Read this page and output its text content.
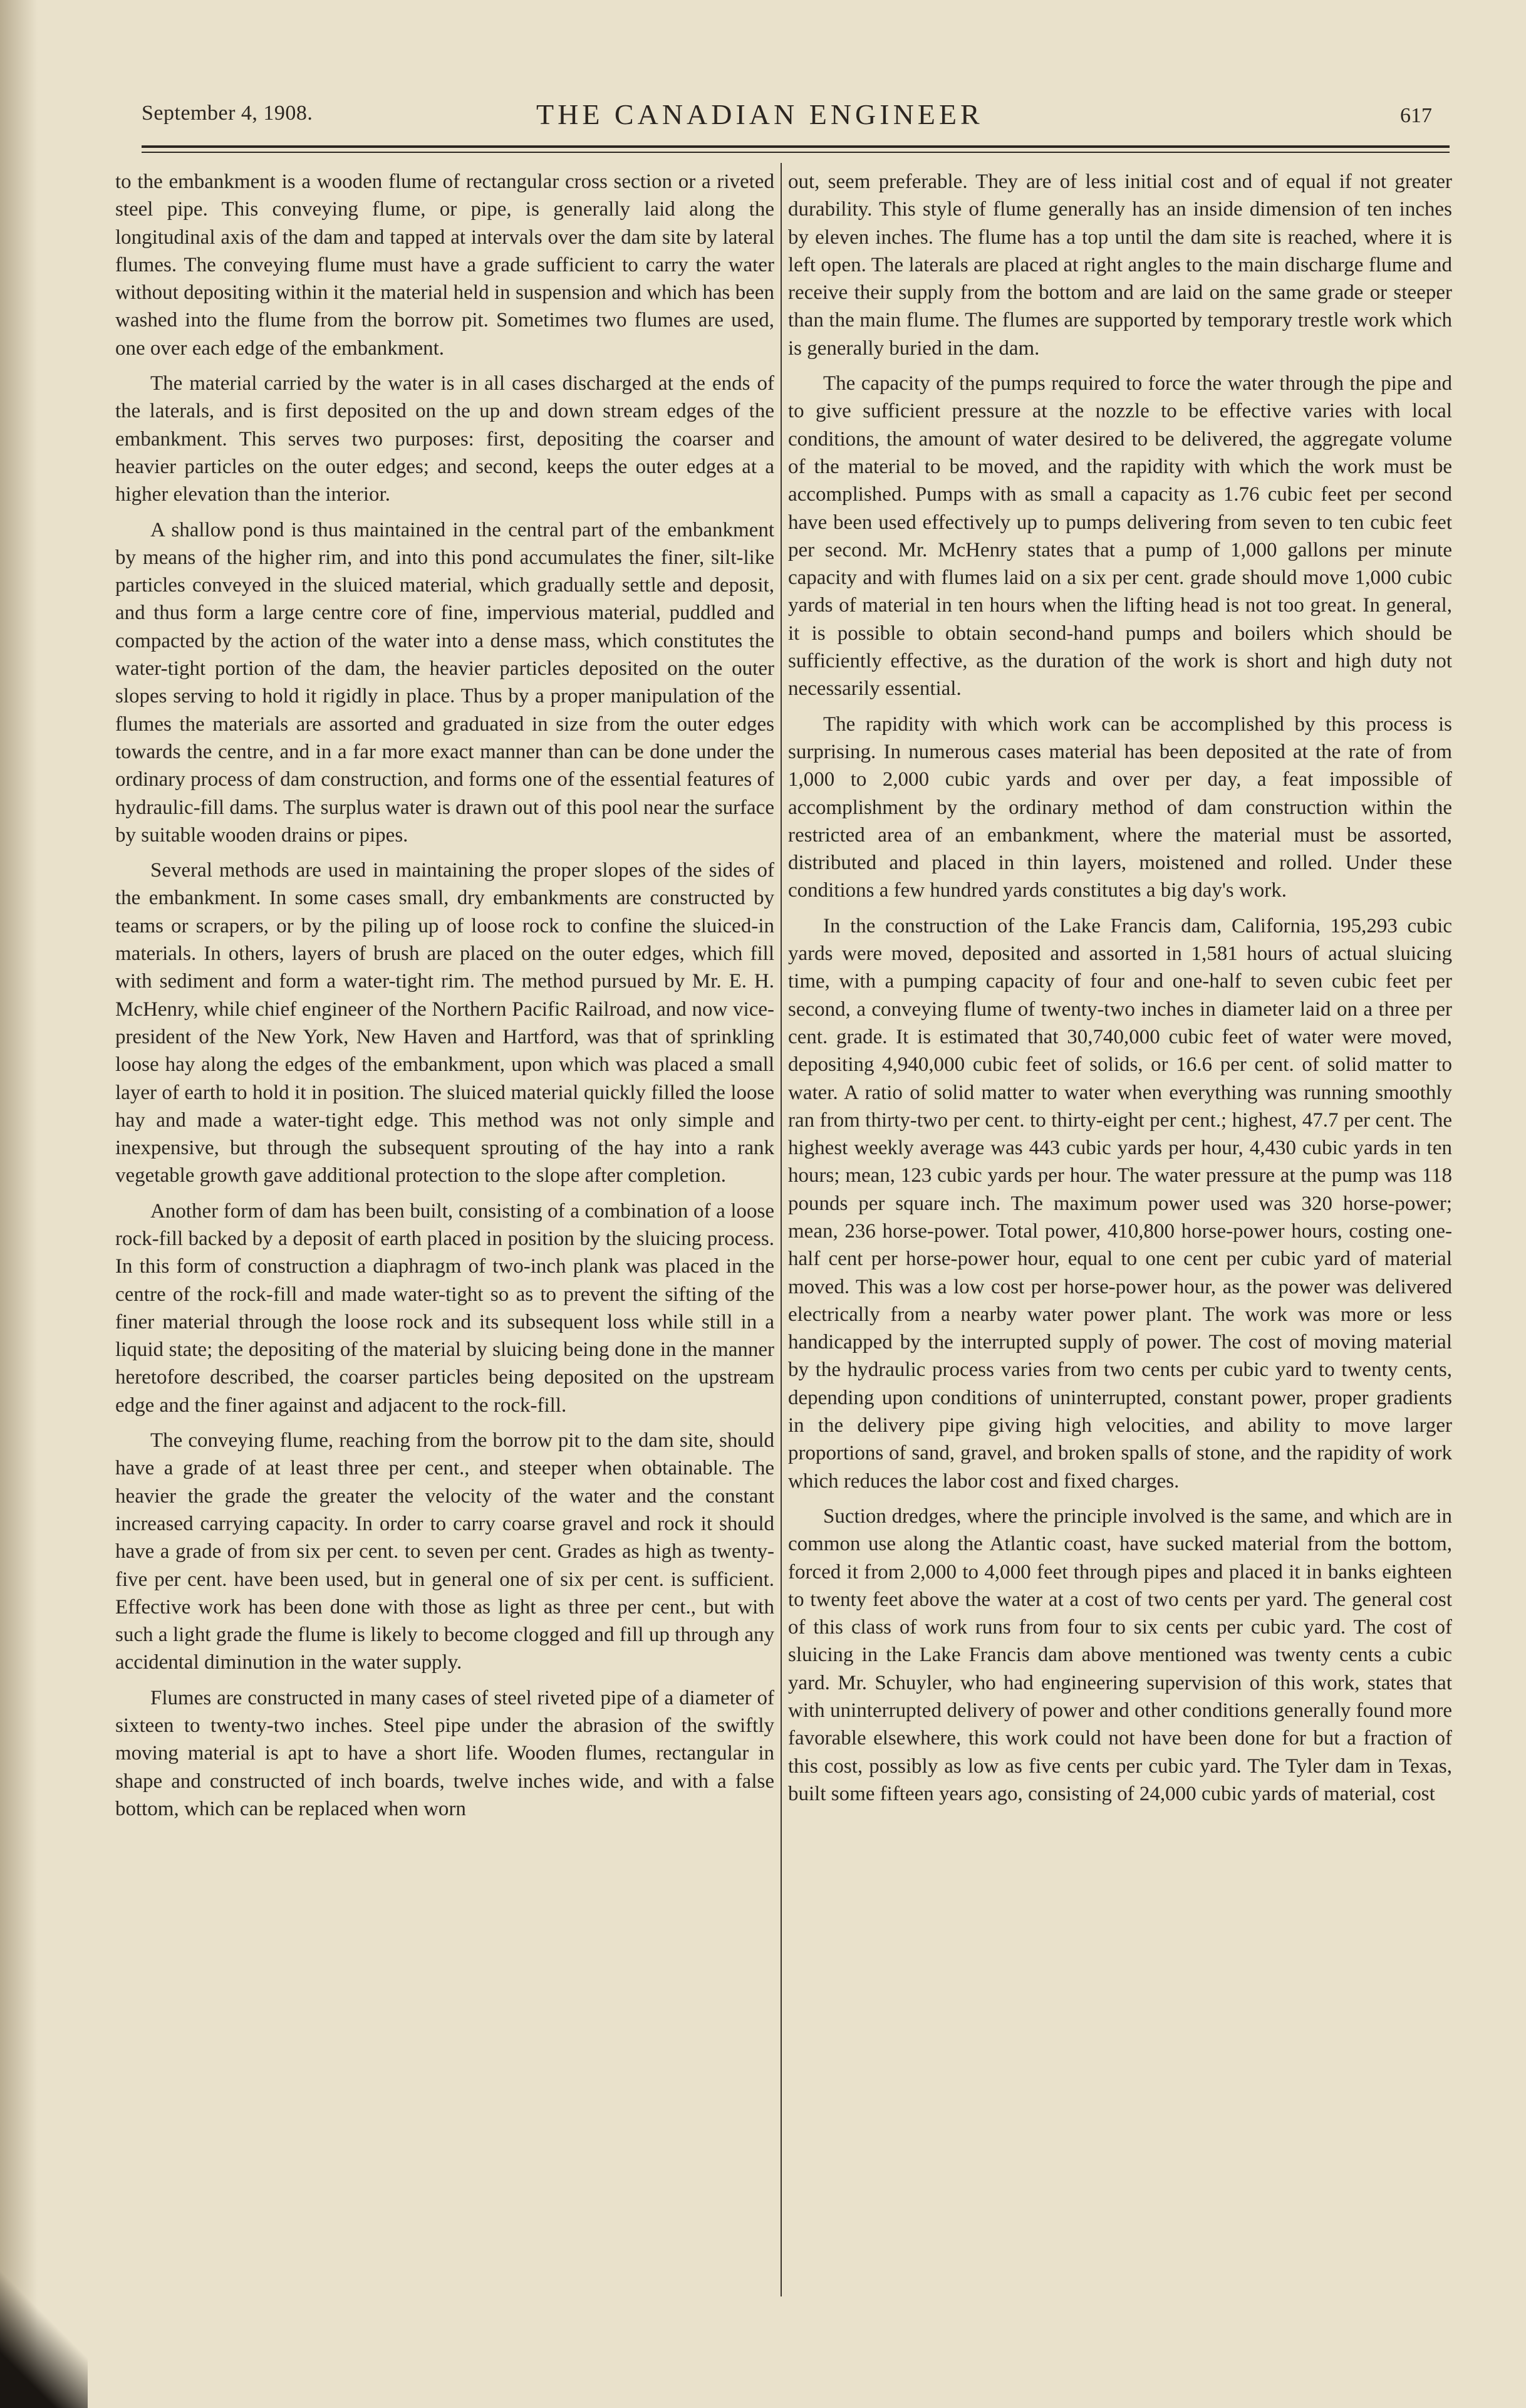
September 4, 1908.	THE CANADIAN ENGINEER	617

to the embankment is a wooden flume of rectangular cross section or a riveted steel pipe. This conveying flume, or pipe, is generally laid along the longitudinal axis of the dam and tapped at intervals over the dam site by lateral flumes. The conveying flume must have a grade sufficient to carry the water without depositing within it the material held in suspension and which has been washed into the flume from the borrow pit. Sometimes two flumes are used, one over each edge of the embankment.

The material carried by the water is in all cases discharged at the ends of the laterals, and is first deposited on the up and down stream edges of the embankment. This serves two purposes: first, depositing the coarser and heavier particles on the outer edges; and second, keeps the outer edges at a higher elevation than the interior.

A shallow pond is thus maintained in the central part of the embankment by means of the higher rim, and into this pond accumulates the finer, silt-like particles conveyed in the sluiced material, which gradually settle and deposit, and thus form a large centre core of fine, impervious material, puddled and compacted by the action of the water into a dense mass, which constitutes the water-tight portion of the dam, the heavier particles deposited on the outer slopes serving to hold it rigidly in place. Thus by a proper manipulation of the flumes the materials are assorted and graduated in size from the outer edges towards the centre, and in a far more exact manner than can be done under the ordinary process of dam construction, and forms one of the essential features of hydraulic-fill dams. The surplus water is drawn out of this pool near the surface by suitable wooden drains or pipes.

Several methods are used in maintaining the proper slopes of the sides of the embankment. In some cases small, dry embankments are constructed by teams or scrapers, or by the piling up of loose rock to confine the sluiced-in materials. In others, layers of brush are placed on the outer edges, which fill with sediment and form a water-tight rim. The method pursued by Mr. E. H. McHenry, while chief engineer of the Northern Pacific Railroad, and now vice-president of the New York, New Haven and Hartford, was that of sprinkling loose hay along the edges of the embankment, upon which was placed a small layer of earth to hold it in position. The sluiced material quickly filled the loose hay and made a water-tight edge. This method was not only simple and inexpensive, but through the subsequent sprouting of the hay into a rank vegetable growth gave additional protection to the slope after completion.

Another form of dam has been built, consisting of a combination of a loose rock-fill backed by a deposit of earth placed in position by the sluicing process. In this form of construction a diaphragm of two-inch plank was placed in the centre of the rock-fill and made water-tight so as to prevent the sifting of the finer material through the loose rock and its subsequent loss while still in a liquid state; the depositing of the material by sluicing being done in the manner heretofore described, the coarser particles being deposited on the upstream edge and the finer against and adjacent to the rock-fill.

The conveying flume, reaching from the borrow pit to the dam site, should have a grade of at least three per cent., and steeper when obtainable. The heavier the grade the greater the velocity of the water and the constant increased carrying capacity. In order to carry coarse gravel and rock it should have a grade of from six per cent. to seven per cent. Grades as high as twenty-five per cent. have been used, but in general one of six per cent. is sufficient. Effective work has been done with those as light as three per cent., but with such a light grade the flume is likely to become clogged and fill up through any accidental diminution in the water supply.

Flumes are constructed in many cases of steel riveted pipe of a diameter of sixteen to twenty-two inches. Steel pipe under the abrasion of the swiftly moving material is apt to have a short life. Wooden flumes, rectangular in shape and constructed of inch boards, twelve inches wide, and with a false bottom, which can be replaced when worn

out, seem preferable. They are of less initial cost and of equal if not greater durability. This style of flume generally has an inside dimension of ten inches by eleven inches. The flume has a top until the dam site is reached, where it is left open. The laterals are placed at right angles to the main discharge flume and receive their supply from the bottom and are laid on the same grade or steeper than the main flume. The flumes are supported by temporary trestle work which is generally buried in the dam.

The capacity of the pumps required to force the water through the pipe and to give sufficient pressure at the nozzle to be effective varies with local conditions, the amount of water desired to be delivered, the aggregate volume of the material to be moved, and the rapidity with which the work must be accomplished. Pumps with as small a capacity as 1.76 cubic feet per second have been used effectively up to pumps delivering from seven to ten cubic feet per second. Mr. McHenry states that a pump of 1,000 gallons per minute capacity and with flumes laid on a six per cent. grade should move 1,000 cubic yards of material in ten hours when the lifting head is not too great. In general, it is possible to obtain second-hand pumps and boilers which should be sufficiently effective, as the duration of the work is short and high duty not necessarily essential.

The rapidity with which work can be accomplished by this process is surprising. In numerous cases material has been deposited at the rate of from 1,000 to 2,000 cubic yards and over per day, a feat impossible of accomplishment by the ordinary method of dam construction within the restricted area of an embankment, where the material must be assorted, distributed and placed in thin layers, moistened and rolled. Under these conditions a few hundred yards constitutes a big day's work.

In the construction of the Lake Francis dam, California, 195,293 cubic yards were moved, deposited and assorted in 1,581 hours of actual sluicing time, with a pumping capacity of four and one-half to seven cubic feet per second, a conveying flume of twenty-two inches in diameter laid on a three per cent. grade. It is estimated that 30,740,000 cubic feet of water were moved, depositing 4,940,000 cubic feet of solids, or 16.6 per cent. of solid matter to water. A ratio of solid matter to water when everything was running smoothly ran from thirty-two per cent. to thirty-eight per cent.; highest, 47.7 per cent. The highest weekly average was 443 cubic yards per hour, 4,430 cubic yards in ten hours; mean, 123 cubic yards per hour. The water pressure at the pump was 118 pounds per square inch. The maximum power used was 320 horse-power; mean, 236 horse-power. Total power, 410,800 horse-power hours, costing one-half cent per horse-power hour, equal to one cent per cubic yard of material moved. This was a low cost per horse-power hour, as the power was delivered electrically from a nearby water power plant. The work was more or less handicapped by the interrupted supply of power. The cost of moving material by the hydraulic process varies from two cents per cubic yard to twenty cents, depending upon conditions of uninterrupted, constant power, proper gradients in the delivery pipe giving high velocities, and ability to move larger proportions of sand, gravel, and broken spalls of stone, and the rapidity of work which reduces the labor cost and fixed charges.

Suction dredges, where the principle involved is the same, and which are in common use along the Atlantic coast, have sucked material from the bottom, forced it from 2,000 to 4,000 feet through pipes and placed it in banks eighteen to twenty feet above the water at a cost of two cents per yard. The general cost of this class of work runs from four to six cents per cubic yard. The cost of sluicing in the Lake Francis dam above mentioned was twenty cents a cubic yard. Mr. Schuyler, who had engineering supervision of this work, states that with uninterrupted delivery of power and other conditions generally found more favorable elsewhere, this work could not have been done for but a fraction of this cost, possibly as low as five cents per cubic yard. The Tyler dam in Texas, built some fifteen years ago, consisting of 24,000 cubic yards of material, cost
